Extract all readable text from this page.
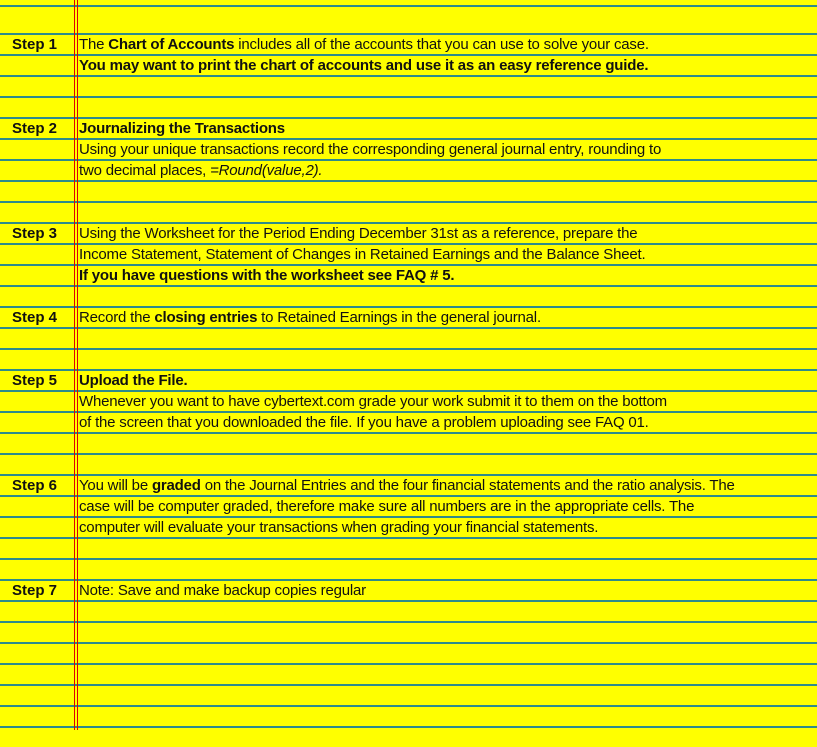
Step 1 The Chart of Accounts includes all of the accounts that you can use to solve your case.
You may want to print the chart of accounts and use it as an easy reference guide.
Step 2 Journalizing the Transactions
Using your unique transactions record the corresponding general journal entry, rounding to
two decimal places, =Round(value,2).
Step 3 Using the Worksheet for the Period Ending December 31st as a reference, prepare the
Income Statement, Statement of Changes in Retained Earnings and the Balance Sheet.
If you have questions with the worksheet see FAQ # 5.
Step 4 Record the closing entries to Retained Earnings in the general journal.
Step 5 Upload the File.
Whenever you want to have cybertext.com grade your work submit it to them on the bottom
of the screen that you downloaded the file. If you have a problem uploading see FAQ 01.
Step 6 You will be graded on the Journal Entries and the four financial statements and the ratio analysis. The
case will be computer graded, therefore make sure all numbers are in the appropriate cells. The
computer will evaluate your transactions when grading your financial statements.
Step 7 Note: Save and make backup copies regular
